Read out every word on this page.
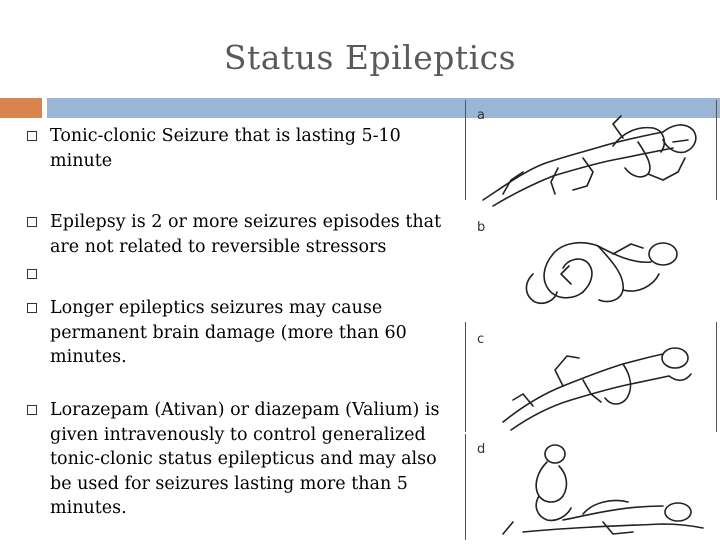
Status Epileptics
Tonic-clonic Seizure that is lasting 5-10 minute
Epilepsy is 2 or more seizures episodes that are not related to reversible stressors
Longer epileptics seizures may cause permanent brain damage (more than 60 minutes.
Lorazepam (Ativan) or diazepam (Valium) is given intravenously to control generalized tonic-clonic status epilepticus and may also be used for seizures lasting more than 5 minutes.
a
b
c
d
